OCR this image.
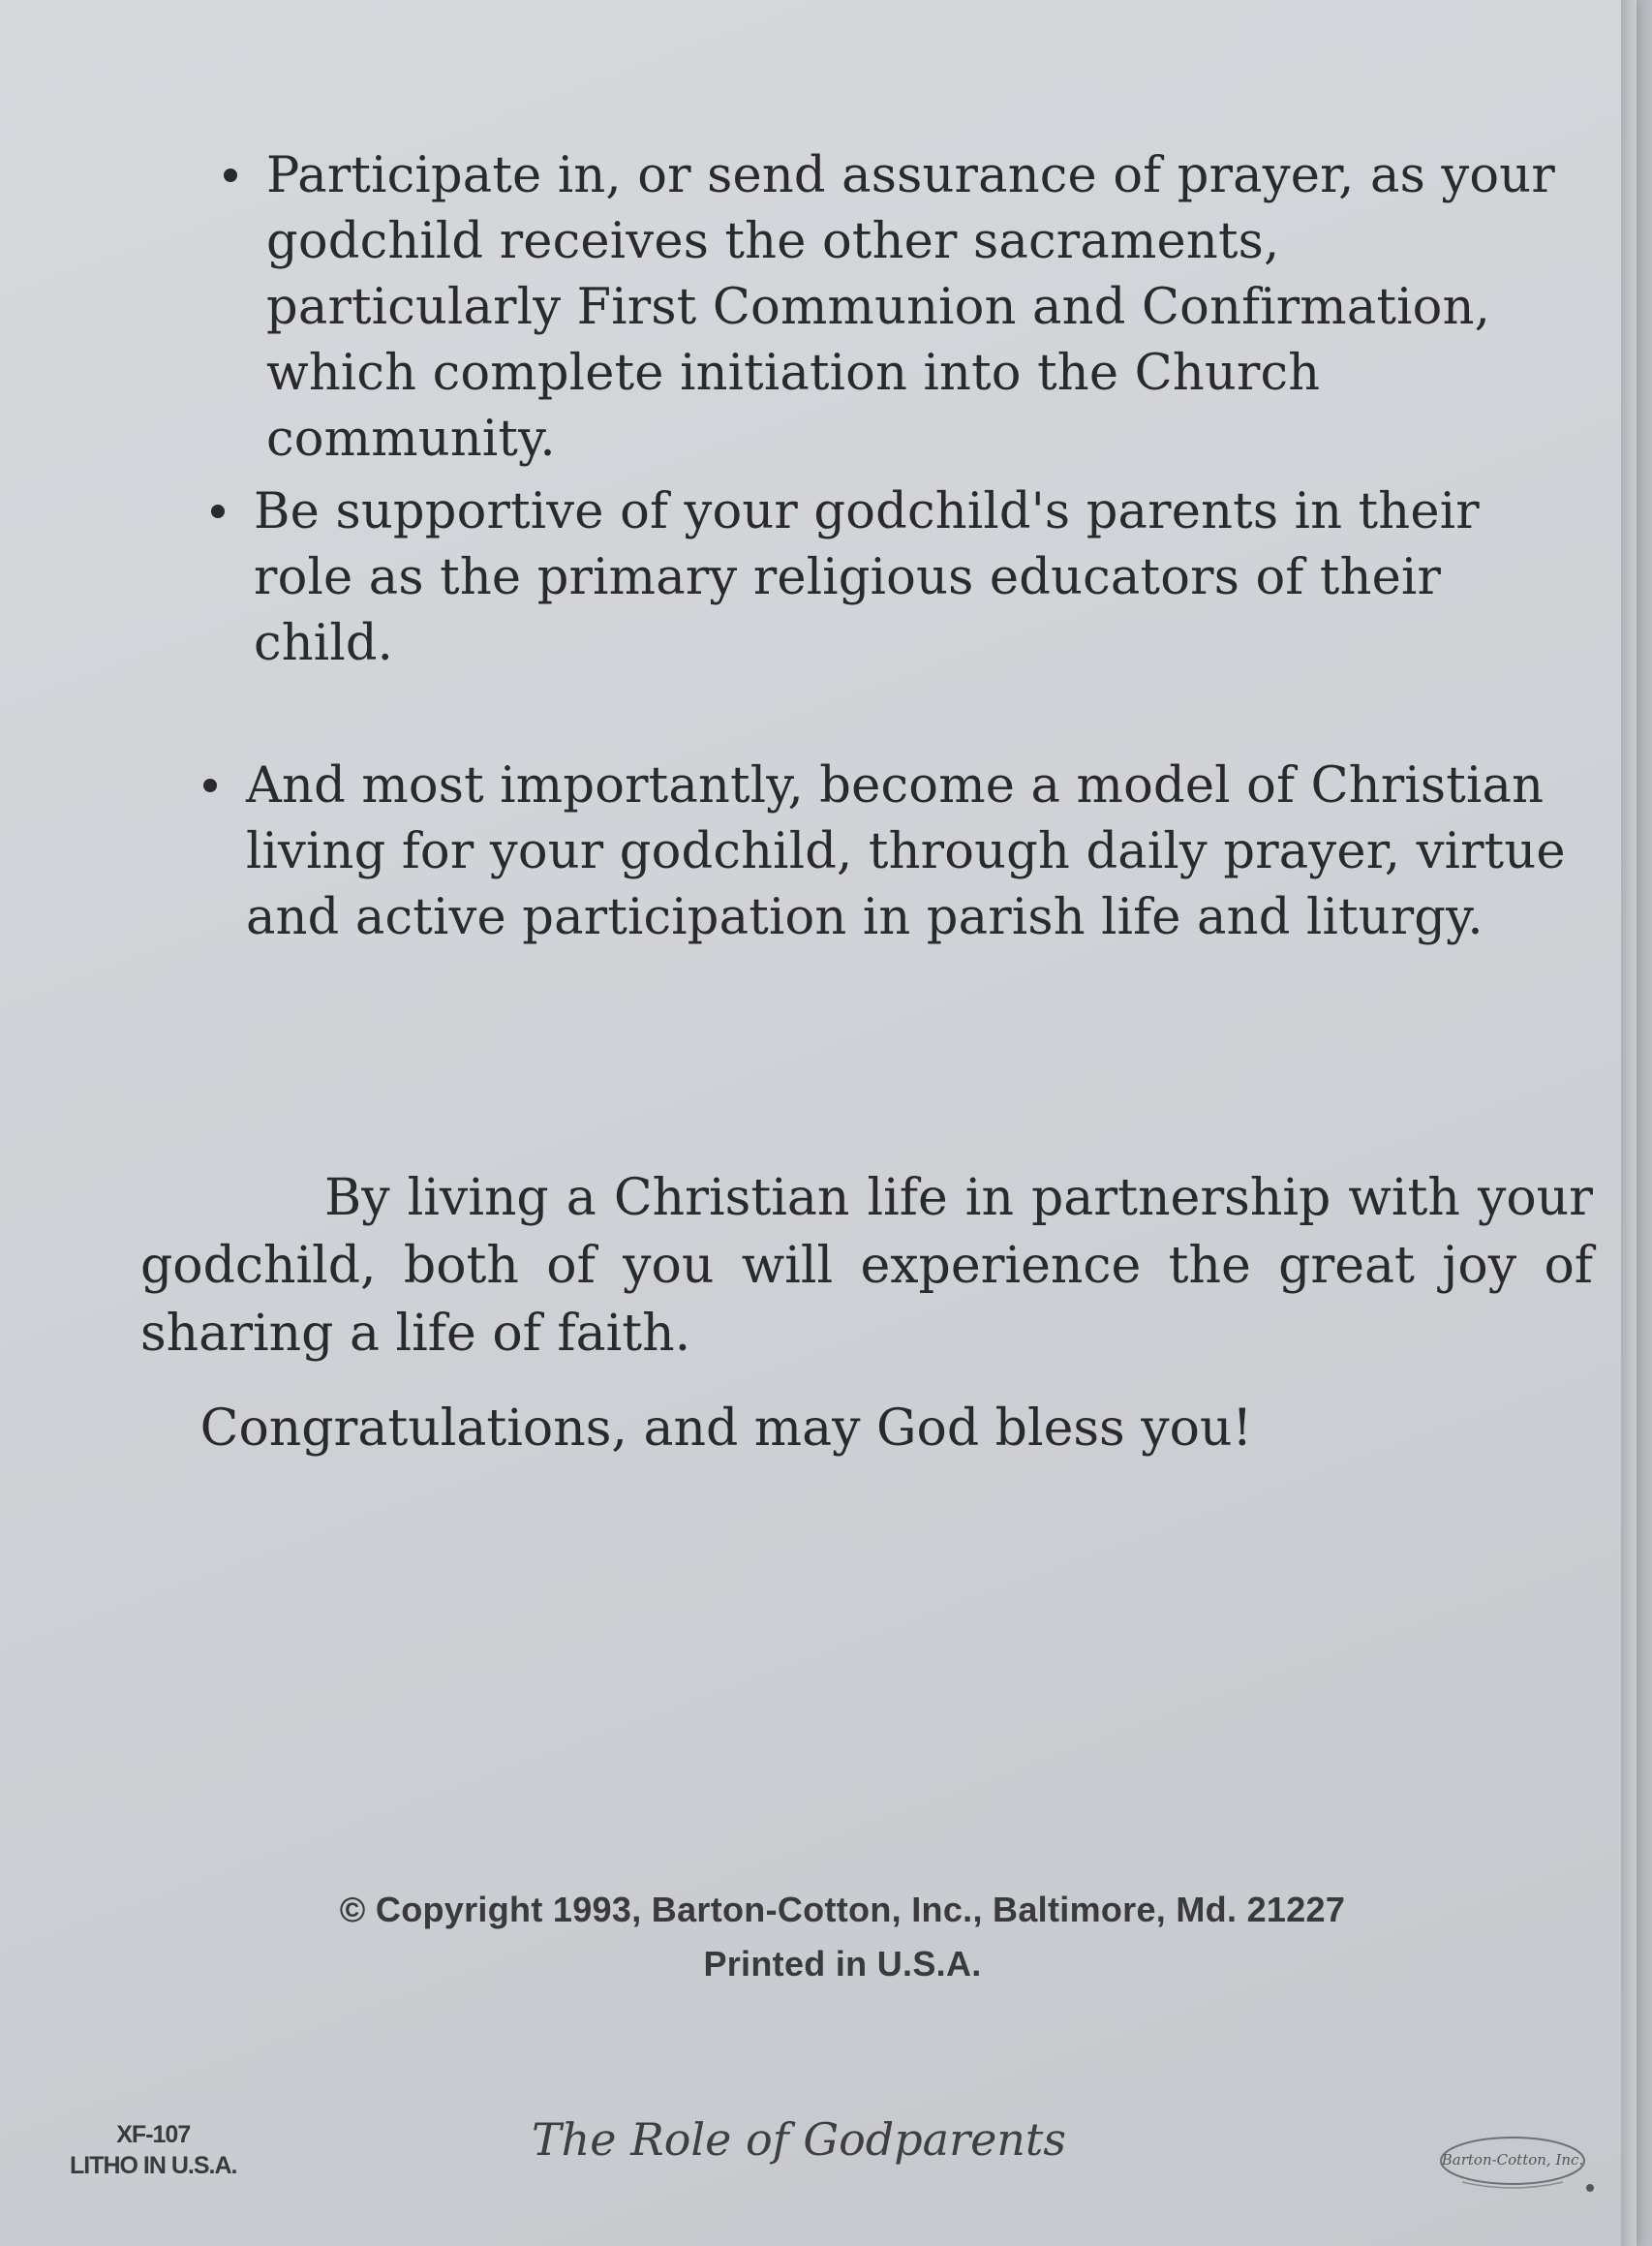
Participate in, or send assurance of prayer, as your godchild receives the other sacraments, particularly First Communion and Confirmation, which complete initiation into the Church community.
Be supportive of your godchild's parents in their role as the primary religious educators of their child.
And most importantly, become a model of Christian living for your godchild, through daily prayer, virtue and active participation in parish life and liturgy.

By living a Christian life in partnership with your godchild, both of you will experience the great joy of sharing a life of faith.

Congratulations, and may God bless you!
© Copyright 1993, Barton-Cotton, Inc., Baltimore, Md. 21227
Printed in U.S.A.
XF-107
LITHO IN U.S.A.	The Role of Godparents	Barton-Cotton, Inc.
